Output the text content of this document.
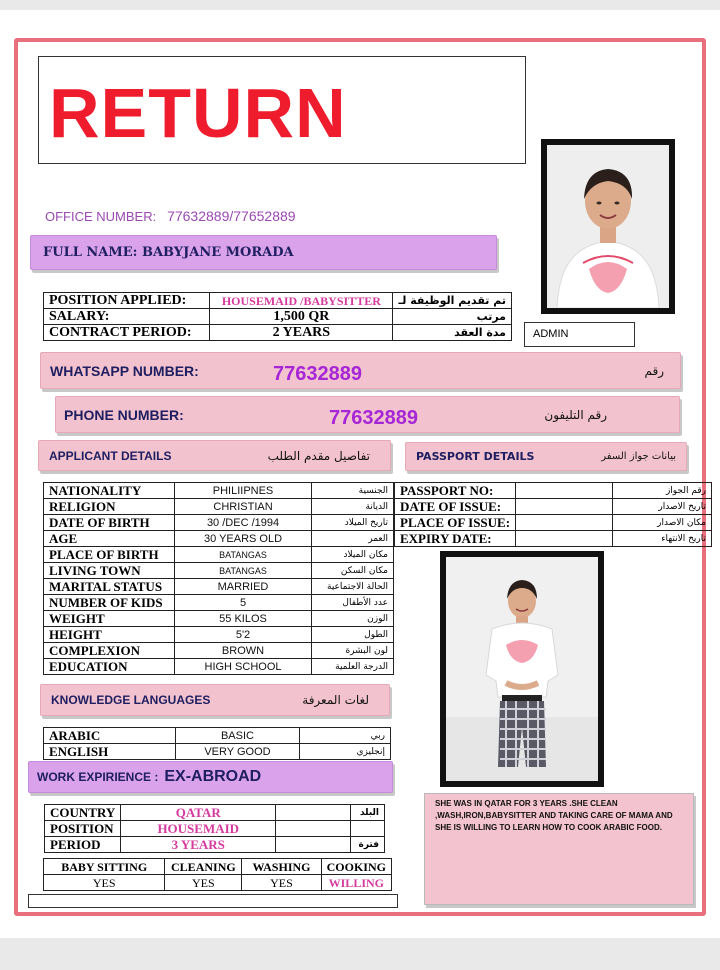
RETURN
OFFICE NUMBER: 77632889/77652889
FULL NAME: BABYJANE MORADA
POSITION APPLIED:	HOUSEMAID /BABYSITTER	تم تقديم الوظيفة لـ
SALARY:	1,500 QR	مرتب
CONTRACT PERIOD:	2 YEARS	مدة العقد	ADMIN
WHATSAPP NUMBER:	77632889	رقم
PHONE NUMBER:	77632889	رقم التليفون
APPLICANT DETAILS	تفاصيل مقدم الطلب	PASSPORT DETAILS	بيانات جواز السفر
NATIONALITY	PHILIIPNES	الجنسية
RELIGION	CHRISTIAN	الديانة
DATE OF BIRTH	30 /DEC /1994	تاريخ الميلاد
AGE	30 YEARS OLD	العمر
PLACE OF BIRTH	BATANGAS	مكان الميلاد
LIVING TOWN	BATANGAS	مكان السكن
MARITAL STATUS	MARRIED	الحالة الاجتماعية
NUMBER OF KIDS	5	عدد الأطفال
WEIGHT	55 KILOS	الوزن
HEIGHT	5'2	الطول
COMPLEXION	BROWN	لون البشرة
EDUCATION	HIGH SCHOOL	الدرجة العلمية
PASSPORT NO:		رقم الجواز
DATE OF ISSUE:		تاريخ الاصدار
PLACE OF ISSUE:		مكان الاصدار
EXPIRY DATE:		تاريخ الانتهاء
KNOWLEDGE LANGUAGES	لغات المعرفة
ARABIC	BASIC	ربي
ENGLISH	VERY GOOD	إنجليزي
WORK EXPIRIENCE : EX-ABROAD
COUNTRY	QATAR		البلد
POSITION	HOUSEMAID		
PERIOD	3 YEARS		فترة
BABY SITTING	CLEANING	WASHING	COOKING
YES	YES	YES	WILLING
SHE WAS IN QATAR FOR 3 YEARS .SHE CLEAN ,WASH,IRON,BABYSITTER AND TAKING CARE OF MAMA AND SHE IS WILLING TO LEARN HOW TO COOK ARABIC FOOD.
